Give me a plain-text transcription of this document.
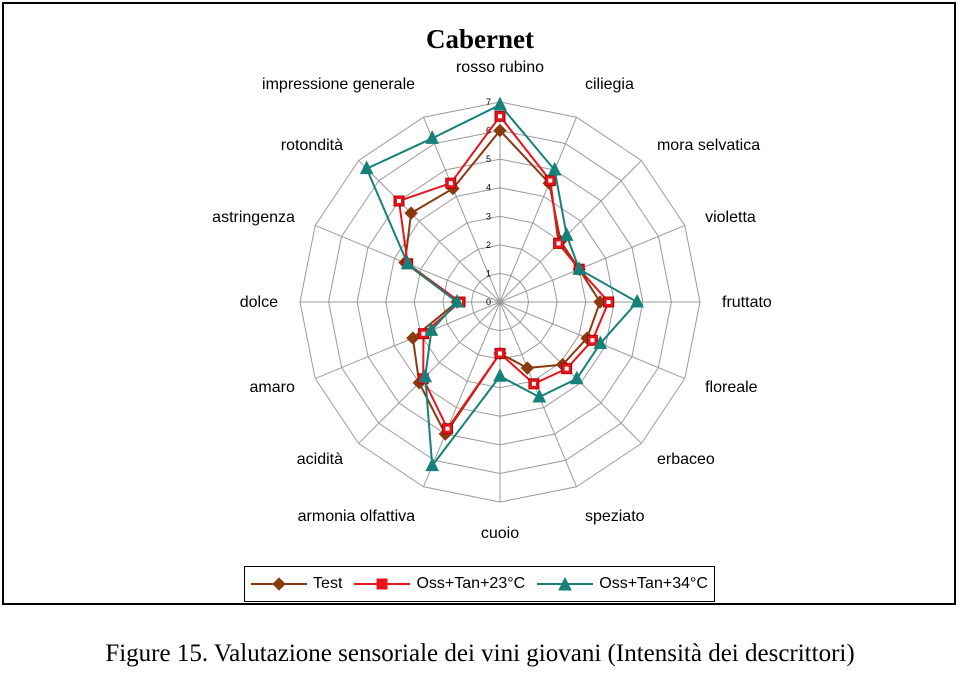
Cabernet
0
1
2
3
4
5
6
7
rosso rubino
ciliegia
mora selvatica
violetta
fruttato
floreale
erbaceo
speziato
cuoio
armonia olfattiva
acidità
amaro
dolce
astringenza
rotondità
impressione generale
Test	Oss+Tan+23°C	Oss+Tan+34°C
Figure 15. Valutazione sensoriale dei vini giovani (Intensità dei descrittori)
